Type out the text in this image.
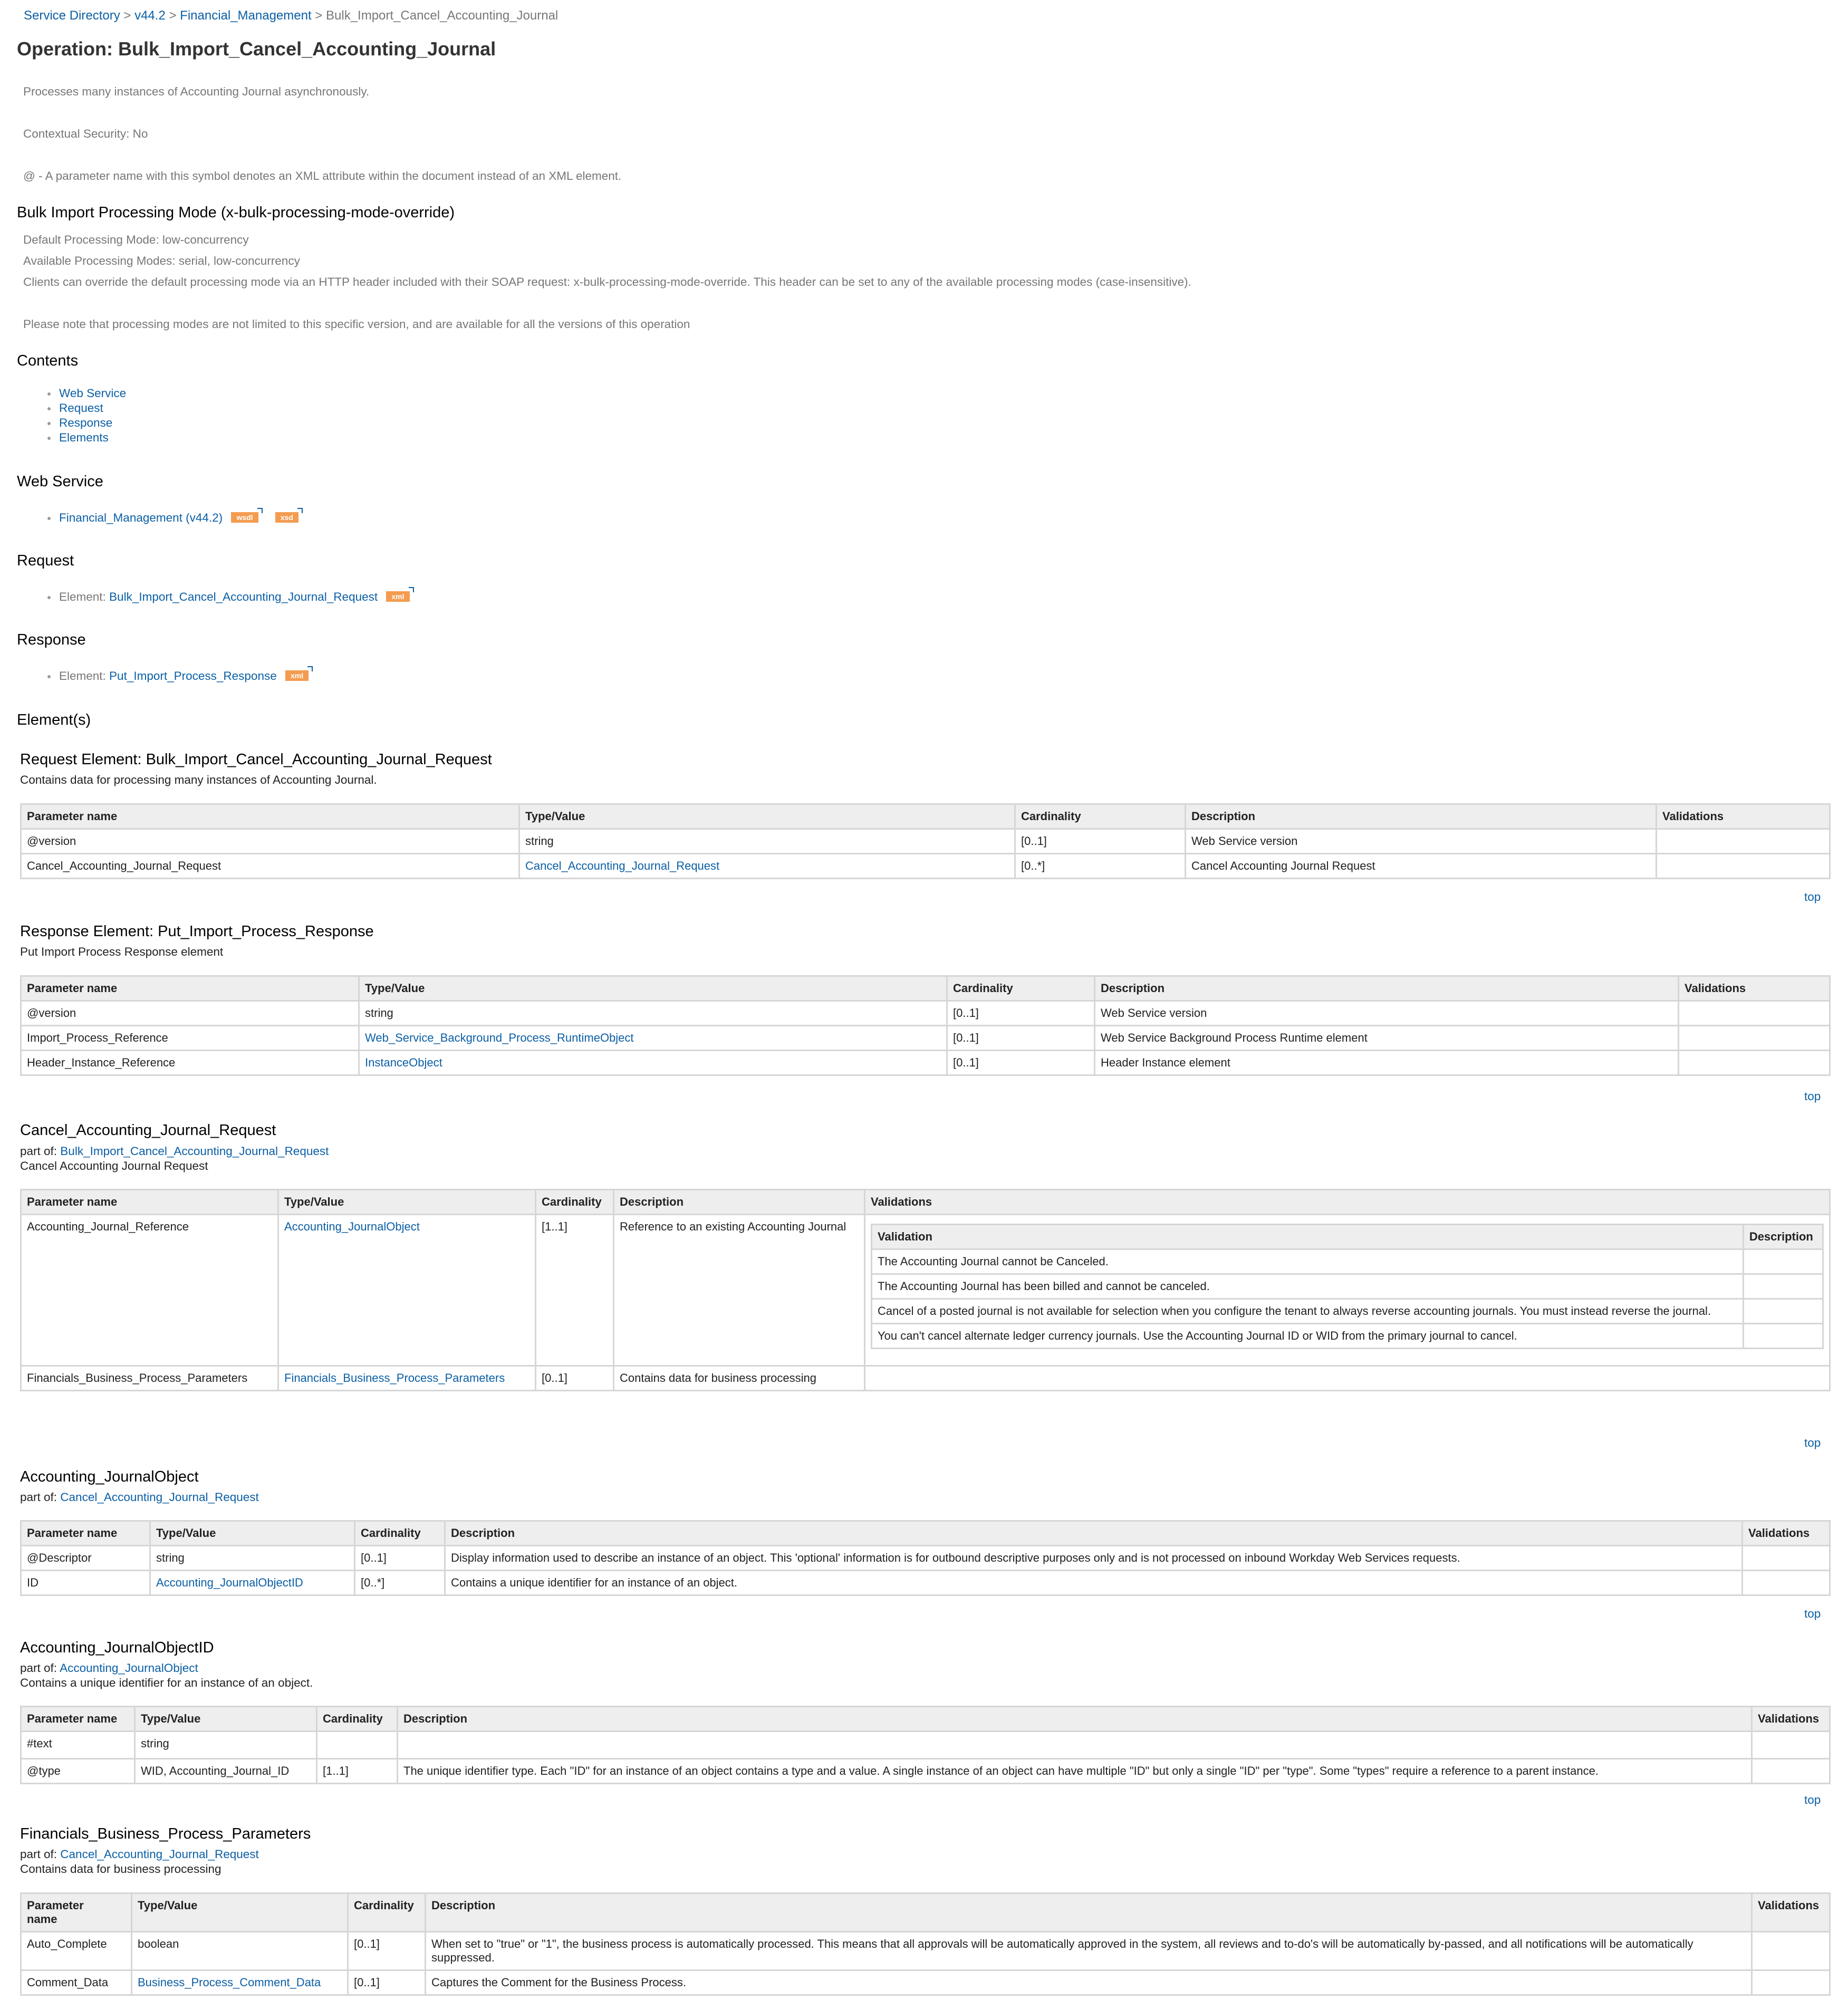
Service Directory > v44.2 > Financial_Management > Bulk_Import_Cancel_Accounting_Journal
Operation: Bulk_Import_Cancel_Accounting_Journal
Processes many instances of Accounting Journal asynchronously.
Contextual Security: No
@ - A parameter name with this symbol denotes an XML attribute within the document instead of an XML element.
Bulk Import Processing Mode (x-bulk-processing-mode-override)
Default Processing Mode: low-concurrency
Available Processing Modes: serial, low-concurrency
Clients can override the default processing mode via an HTTP header included with their SOAP request: x-bulk-processing-mode-override. This header can be set to any of the available processing modes (case-insensitive).
Please note that processing modes are not limited to this specific version, and are available for all the versions of this operation
Contents
Web Service
Request
Response
Elements
Web Service
Financial_Management (v44.2) wsdl	xsd
Request
Element: Bulk_Import_Cancel_Accounting_Journal_Request xml
Response
Element: Put_Import_Process_Response xml
Element(s)
Request Element: Bulk_Import_Cancel_Accounting_Journal_Request
Contains data for processing many instances of Accounting Journal.
Parameter name	Type/Value	Cardinality	Description	Validations
@version	string	[0..1]	Web Service version	
Cancel_Accounting_Journal_Request	Cancel_Accounting_Journal_Request	[0..*]	Cancel Accounting Journal Request	
top
Response Element: Put_Import_Process_Response
Put Import Process Response element
Parameter name	Type/Value	Cardinality	Description	Validations
@version	string	[0..1]	Web Service version	
Import_Process_Reference	Web_Service_Background_Process_RuntimeObject	[0..1]	Web Service Background Process Runtime element	
Header_Instance_Reference	InstanceObject	[0..1]	Header Instance element	
top
Cancel_Accounting_Journal_Request
part of: Bulk_Import_Cancel_Accounting_Journal_Request
Cancel Accounting Journal Request
Parameter name	Type/Value	Cardinality	Description	Validations
Accounting_Journal_Reference	Accounting_JournalObject	[1..1]	Reference to an existing Accounting Journal	
Validation	Description
The Accounting Journal cannot be Canceled.	
The Accounting Journal has been billed and cannot be canceled.	
Cancel of a posted journal is not available for selection when you configure the tenant to always reverse accounting journals. You must instead reverse the journal.	
You can't cancel alternate ledger currency journals. Use the Accounting Journal ID or WID from the primary journal to cancel.	

Financials_Business_Process_Parameters	Financials_Business_Process_Parameters	[0..1]	Contains data for business processing	
top
Accounting_JournalObject
part of: Cancel_Accounting_Journal_Request
Parameter name	Type/Value	Cardinality	Description	Validations
@Descriptor	string	[0..1]	Display information used to describe an instance of an object. This 'optional' information is for outbound descriptive purposes only and is not processed on inbound Workday Web Services requests.	
ID	Accounting_JournalObjectID	[0..*]	Contains a unique identifier for an instance of an object.	
top
Accounting_JournalObjectID
part of: Accounting_JournalObject
Contains a unique identifier for an instance of an object.
Parameter name	Type/Value	Cardinality	Description	Validations
#text	string			
@type	WID, Accounting_Journal_ID	[1..1]	The unique identifier type. Each "ID" for an instance of an object contains a type and a value. A single instance of an object can have multiple "ID" but only a single "ID" per "type". Some "types" require a reference to a parent instance.	
top
Financials_Business_Process_Parameters
part of: Cancel_Accounting_Journal_Request
Contains data for business processing
Parameter
name	Type/Value	Cardinality	Description	Validations
Auto_Complete	boolean	[0..1]	When set to "true" or "1", the business process is automatically processed. This means that all approvals will be automatically approved in the system, all reviews and to-do's will be automatically by-passed, and all notifications will be automatically suppressed.	
Comment_Data	Business_Process_Comment_Data	[0..1]	Captures the Comment for the Business Process.	
